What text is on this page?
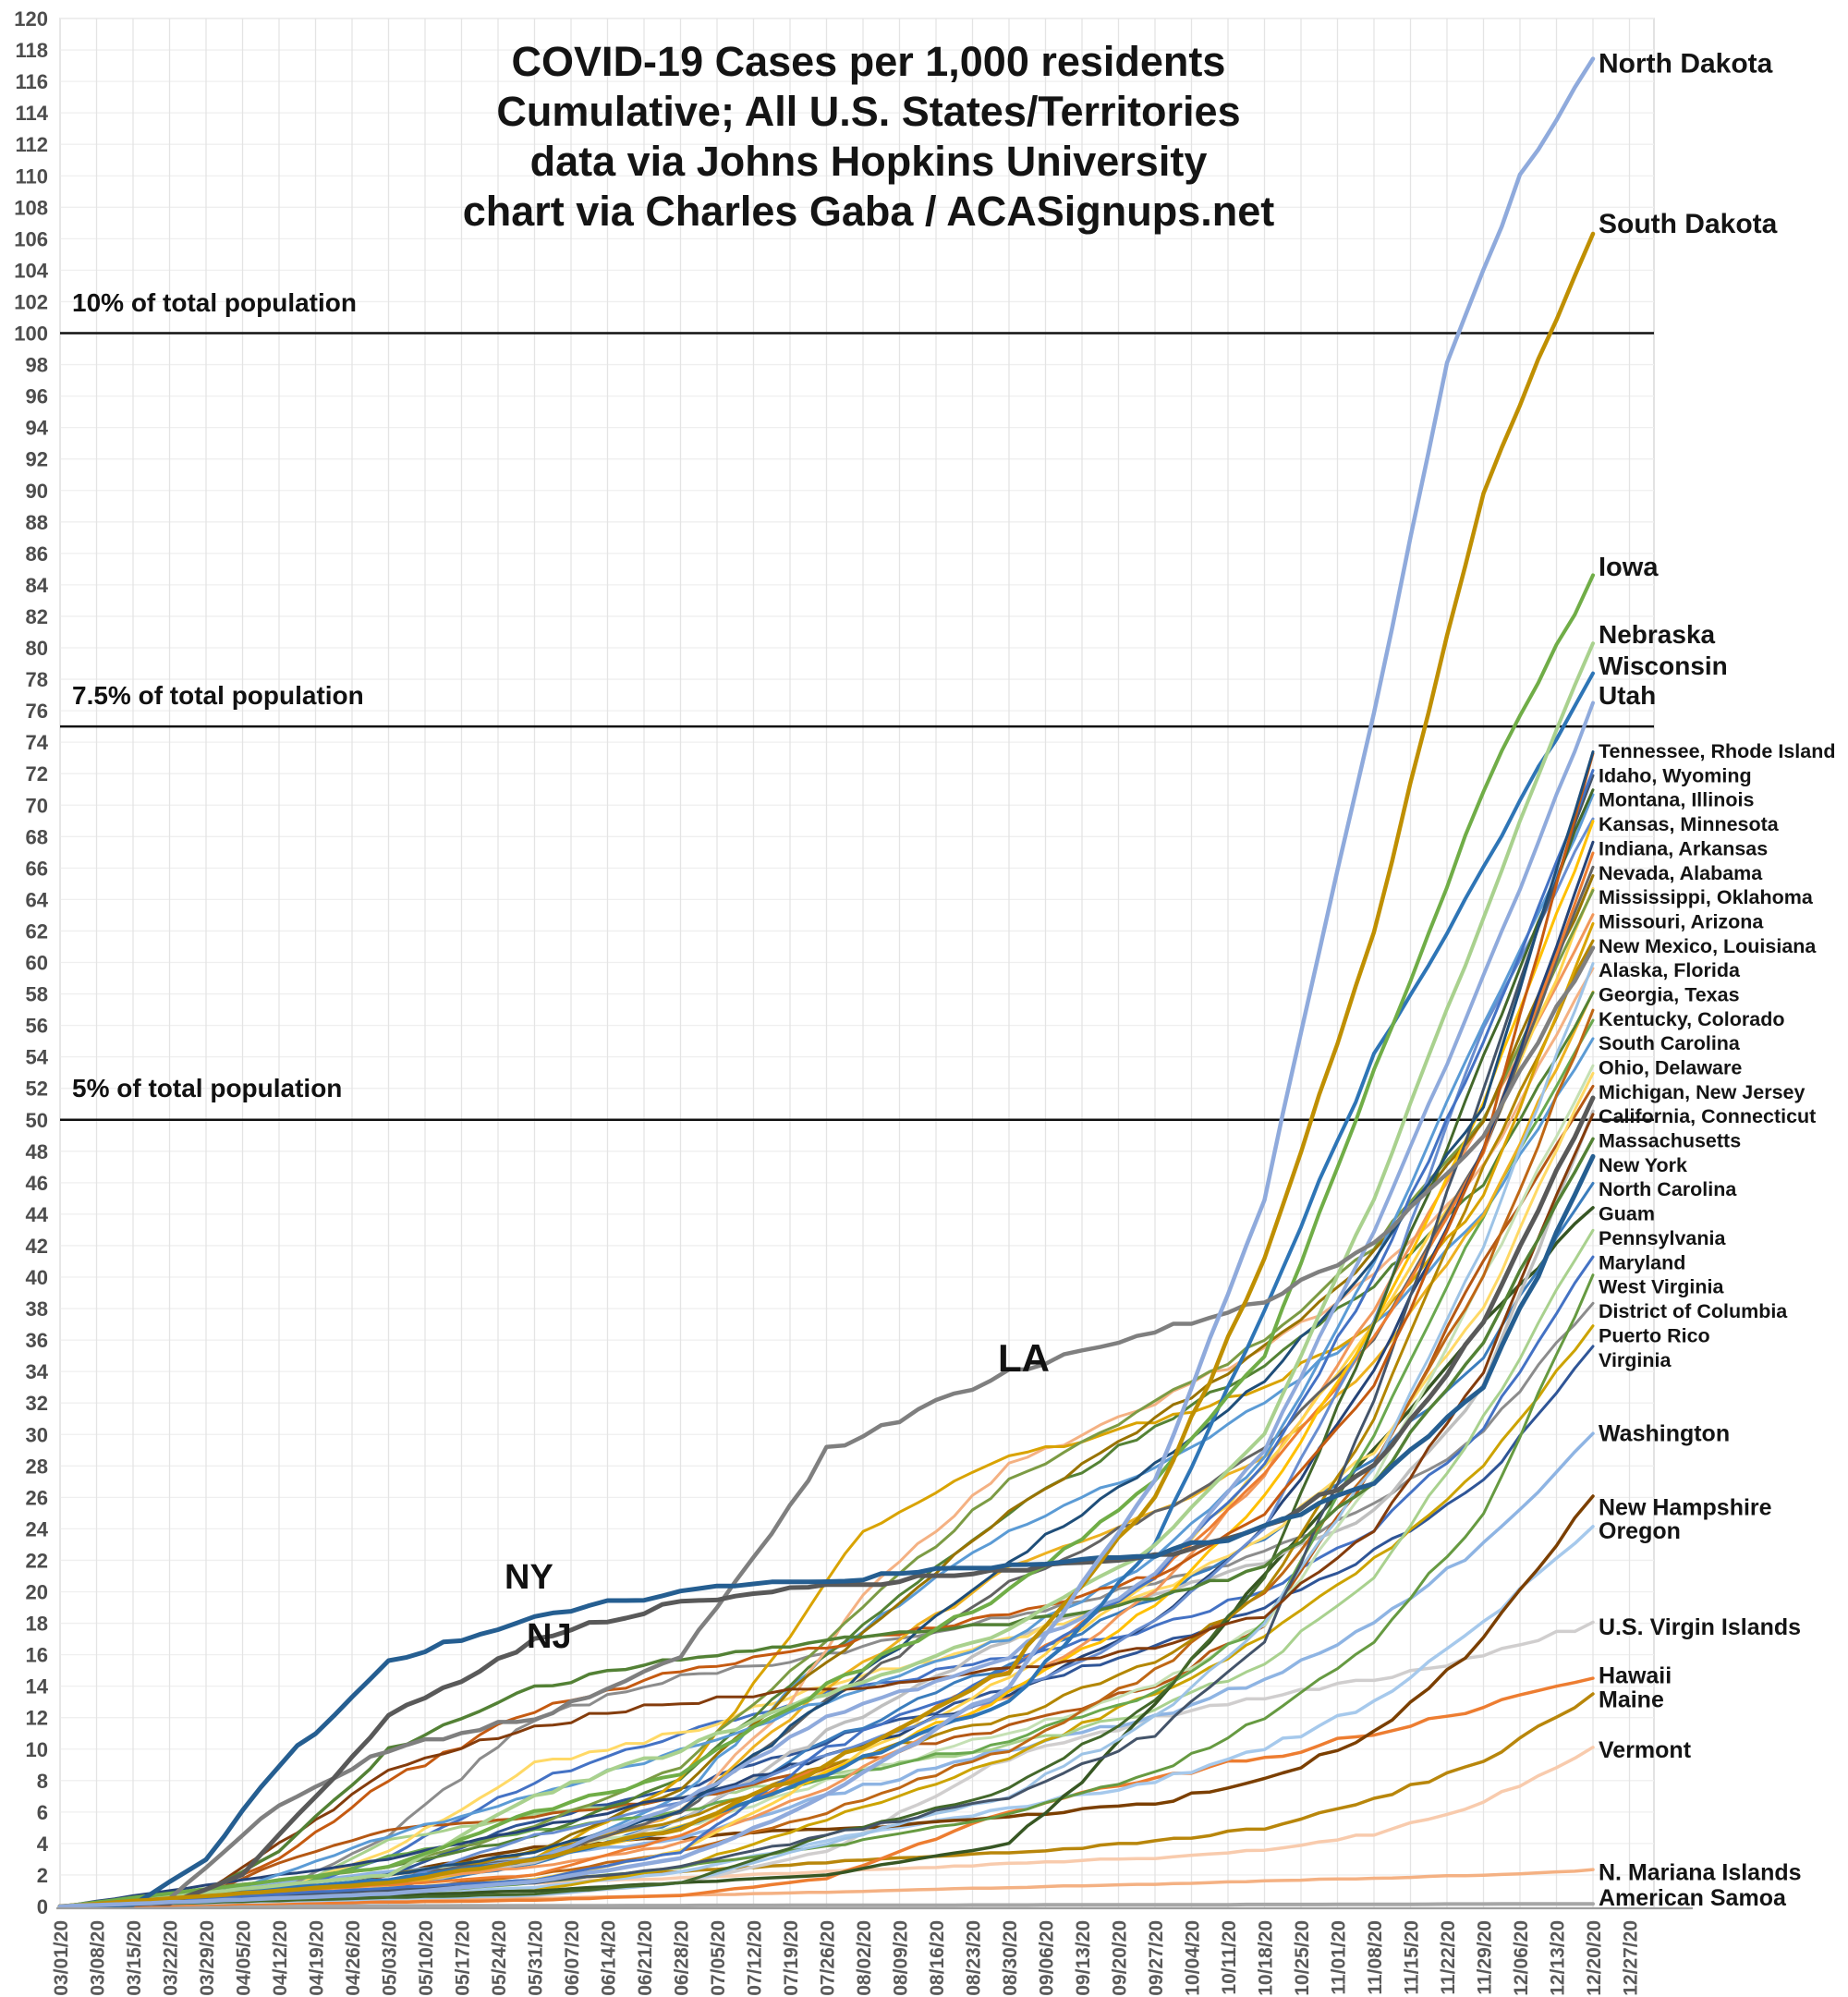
0
2
4
6
8
10
12
14
16
18
20
22
24
26
28
30
32
34
36
38
40
42
44
46
48
50
52
54
56
58
60
62
64
66
68
70
72
74
76
78
80
82
84
86
88
90
92
94
96
98
100
102
104
106
108
110
112
114
116
118
120
03/01/20 03/08/20 03/15/20 03/22/20 03/29/20 04/05/20 04/12/20 04/19/20 04/26/20 05/03/20 05/10/20 05/17/20 05/24/20 05/31/20 06/07/20 06/14/20 06/21/20 06/28/20 07/05/20 07/12/20 07/19/20 07/26/20 08/02/20 08/09/20 08/16/20 08/23/20 08/30/20 09/06/20 09/13/20 09/20/20 09/27/20 10/04/20 10/11/20 10/18/20 10/25/20 11/01/20 11/08/20 11/15/20 11/22/20 11/29/20 12/06/20 12/13/20 12/20/20 12/27/20
North Dakota
South Dakota
Iowa
Nebraska
Wisconsin
Utah
Tennessee, Rhode Island
Idaho, Wyoming
Montana, Illinois
Kansas, Minnesota
Indiana, Arkansas
Nevada, Alabama
Mississippi, Oklahoma
Missouri, Arizona
New Mexico, Louisiana
Alaska, Florida
Georgia, Texas
Kentucky, Colorado
South Carolina
Ohio, Delaware
Michigan, New Jersey
California, Connecticut
Massachusetts
New York
North Carolina
Guam
Pennsylvania
Maryland
West Virginia
District of Columbia
Puerto Rico
Virginia
Washington
New Hampshire
Oregon
U.S. Virgin Islands
Hawaii
Maine
Vermont
N. Mariana Islands
American Samoa
COVID-19 Cases per 1,000 residents
Cumulative; All U.S. States/Territories
data via Johns Hopkins University
chart via Charles Gaba / ACASignups.net
10% of total population
7.5% of total population
5% of total population
NY
NJ
LA
